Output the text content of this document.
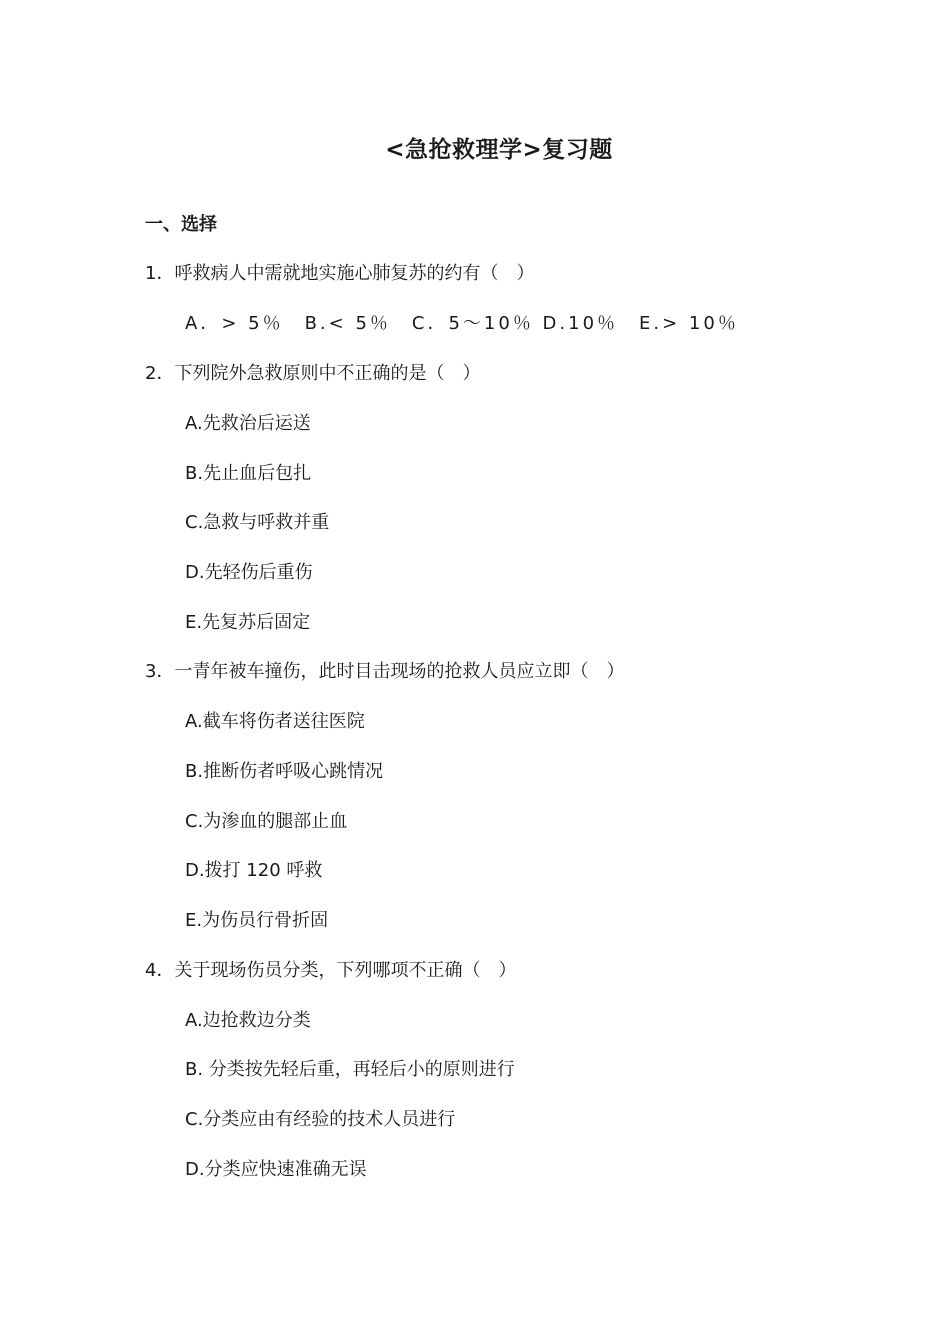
<急抢救理学>复习题
一、选择
1．呼救病人中需就地实施心肺复苏的约有（　）
A．> 5％　B.< 5％　C．5～10％ D.10％　E.> 10％
2．下列院外急救原则中不正确的是（　）
A.先救治后运送
B.先止血后包扎
C.急救与呼救并重
D.先轻伤后重伤
E.先复苏后固定
3．一青年被车撞伤，此时目击现场的抢救人员应立即（　）
A.截车将伤者送往医院
B.推断伤者呼吸心跳情况
C.为渗血的腿部止血
D.拨打 120 呼救
E.为伤员行骨折固
4．关于现场伤员分类，下列哪项不正确（　）
A.边抢救边分类
B. 分类按先轻后重，再轻后小的原则进行
C.分类应由有经验的技术人员进行
D.分类应快速准确无误
